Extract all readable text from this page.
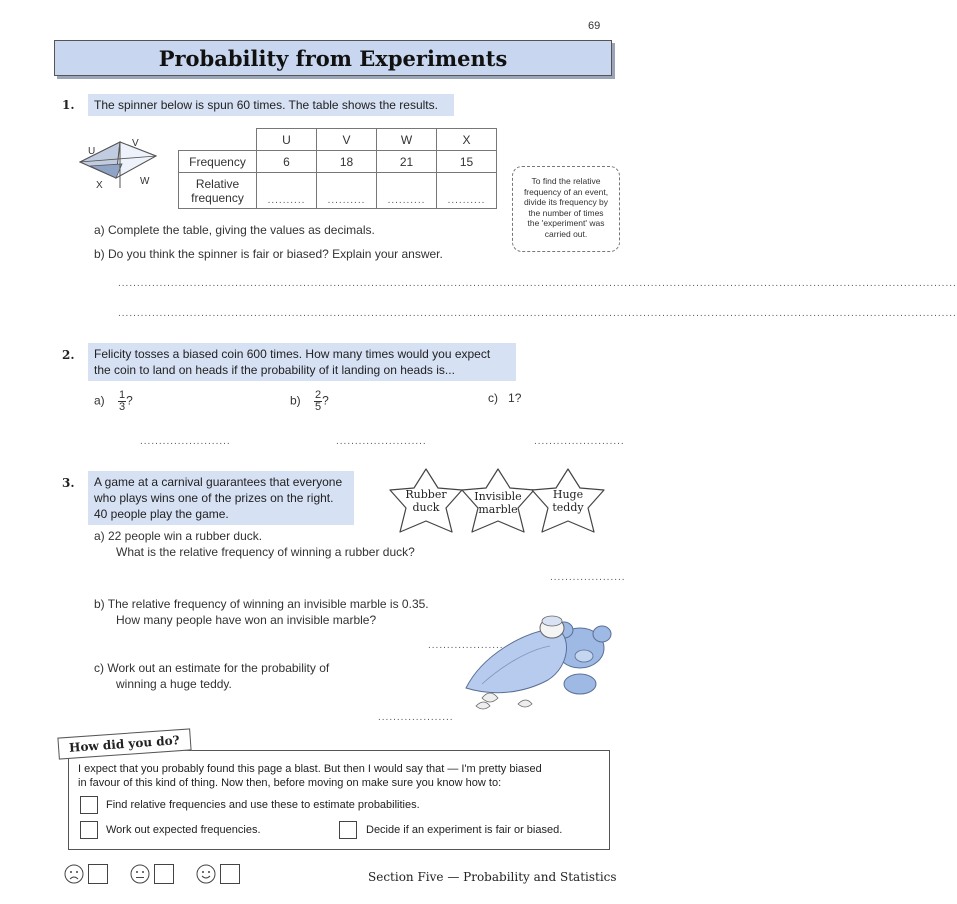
69
Probability from Experiments
1.	The spinner below is spun 60 times. The table shows the results.
U
V
W
X
	U	V	W	X
Frequency	6	18	21	15

Relative
frequency	..........	..........	..........	..........
To find the relative
frequency of an event,
divide its frequency by
the number of times
the 'experiment' was
carried out.
a) Complete the table, giving the values as decimals.
b) Do you think the spinner is fair or biased? Explain your answer.
..............................................................................................................................................................................................................................
..............................................................................................................................................................................................................................
2. Felicity tosses a biased coin 600 times. How many times would you expect
the coin to land on heads if the probability of it landing on heads is...
$a) \frac{1}{3}$ ?	$b) \frac{2}{5}$ ?	c) 1?
........................	........................	........................
3. A game at a carnival guarantees that everyone
who plays wins one of the prizes on the right.
40 people play the game.
Rubber
duck
Invisible
marble
Huge
teddy
a) 22 people win a rubber duck.
What is the relative frequency of winning a rubber duck?
....................
b) The relative frequency of winning an invisible marble is 0.35.
How many people have won an invisible marble?
....................
c) Work out an estimate for the probability of
winning a huge teddy.
....................
How did you do?
I expect that you probably found this page a blast. But then I would say that — I'm pretty biased
in favour of this kind of thing. Now then, before moving on make sure you know how to:
Find relative frequencies and use these to estimate probabilities.
Work out expected frequencies.	Decide if an experiment is fair or biased.
Section Five — Probability and Statistics
